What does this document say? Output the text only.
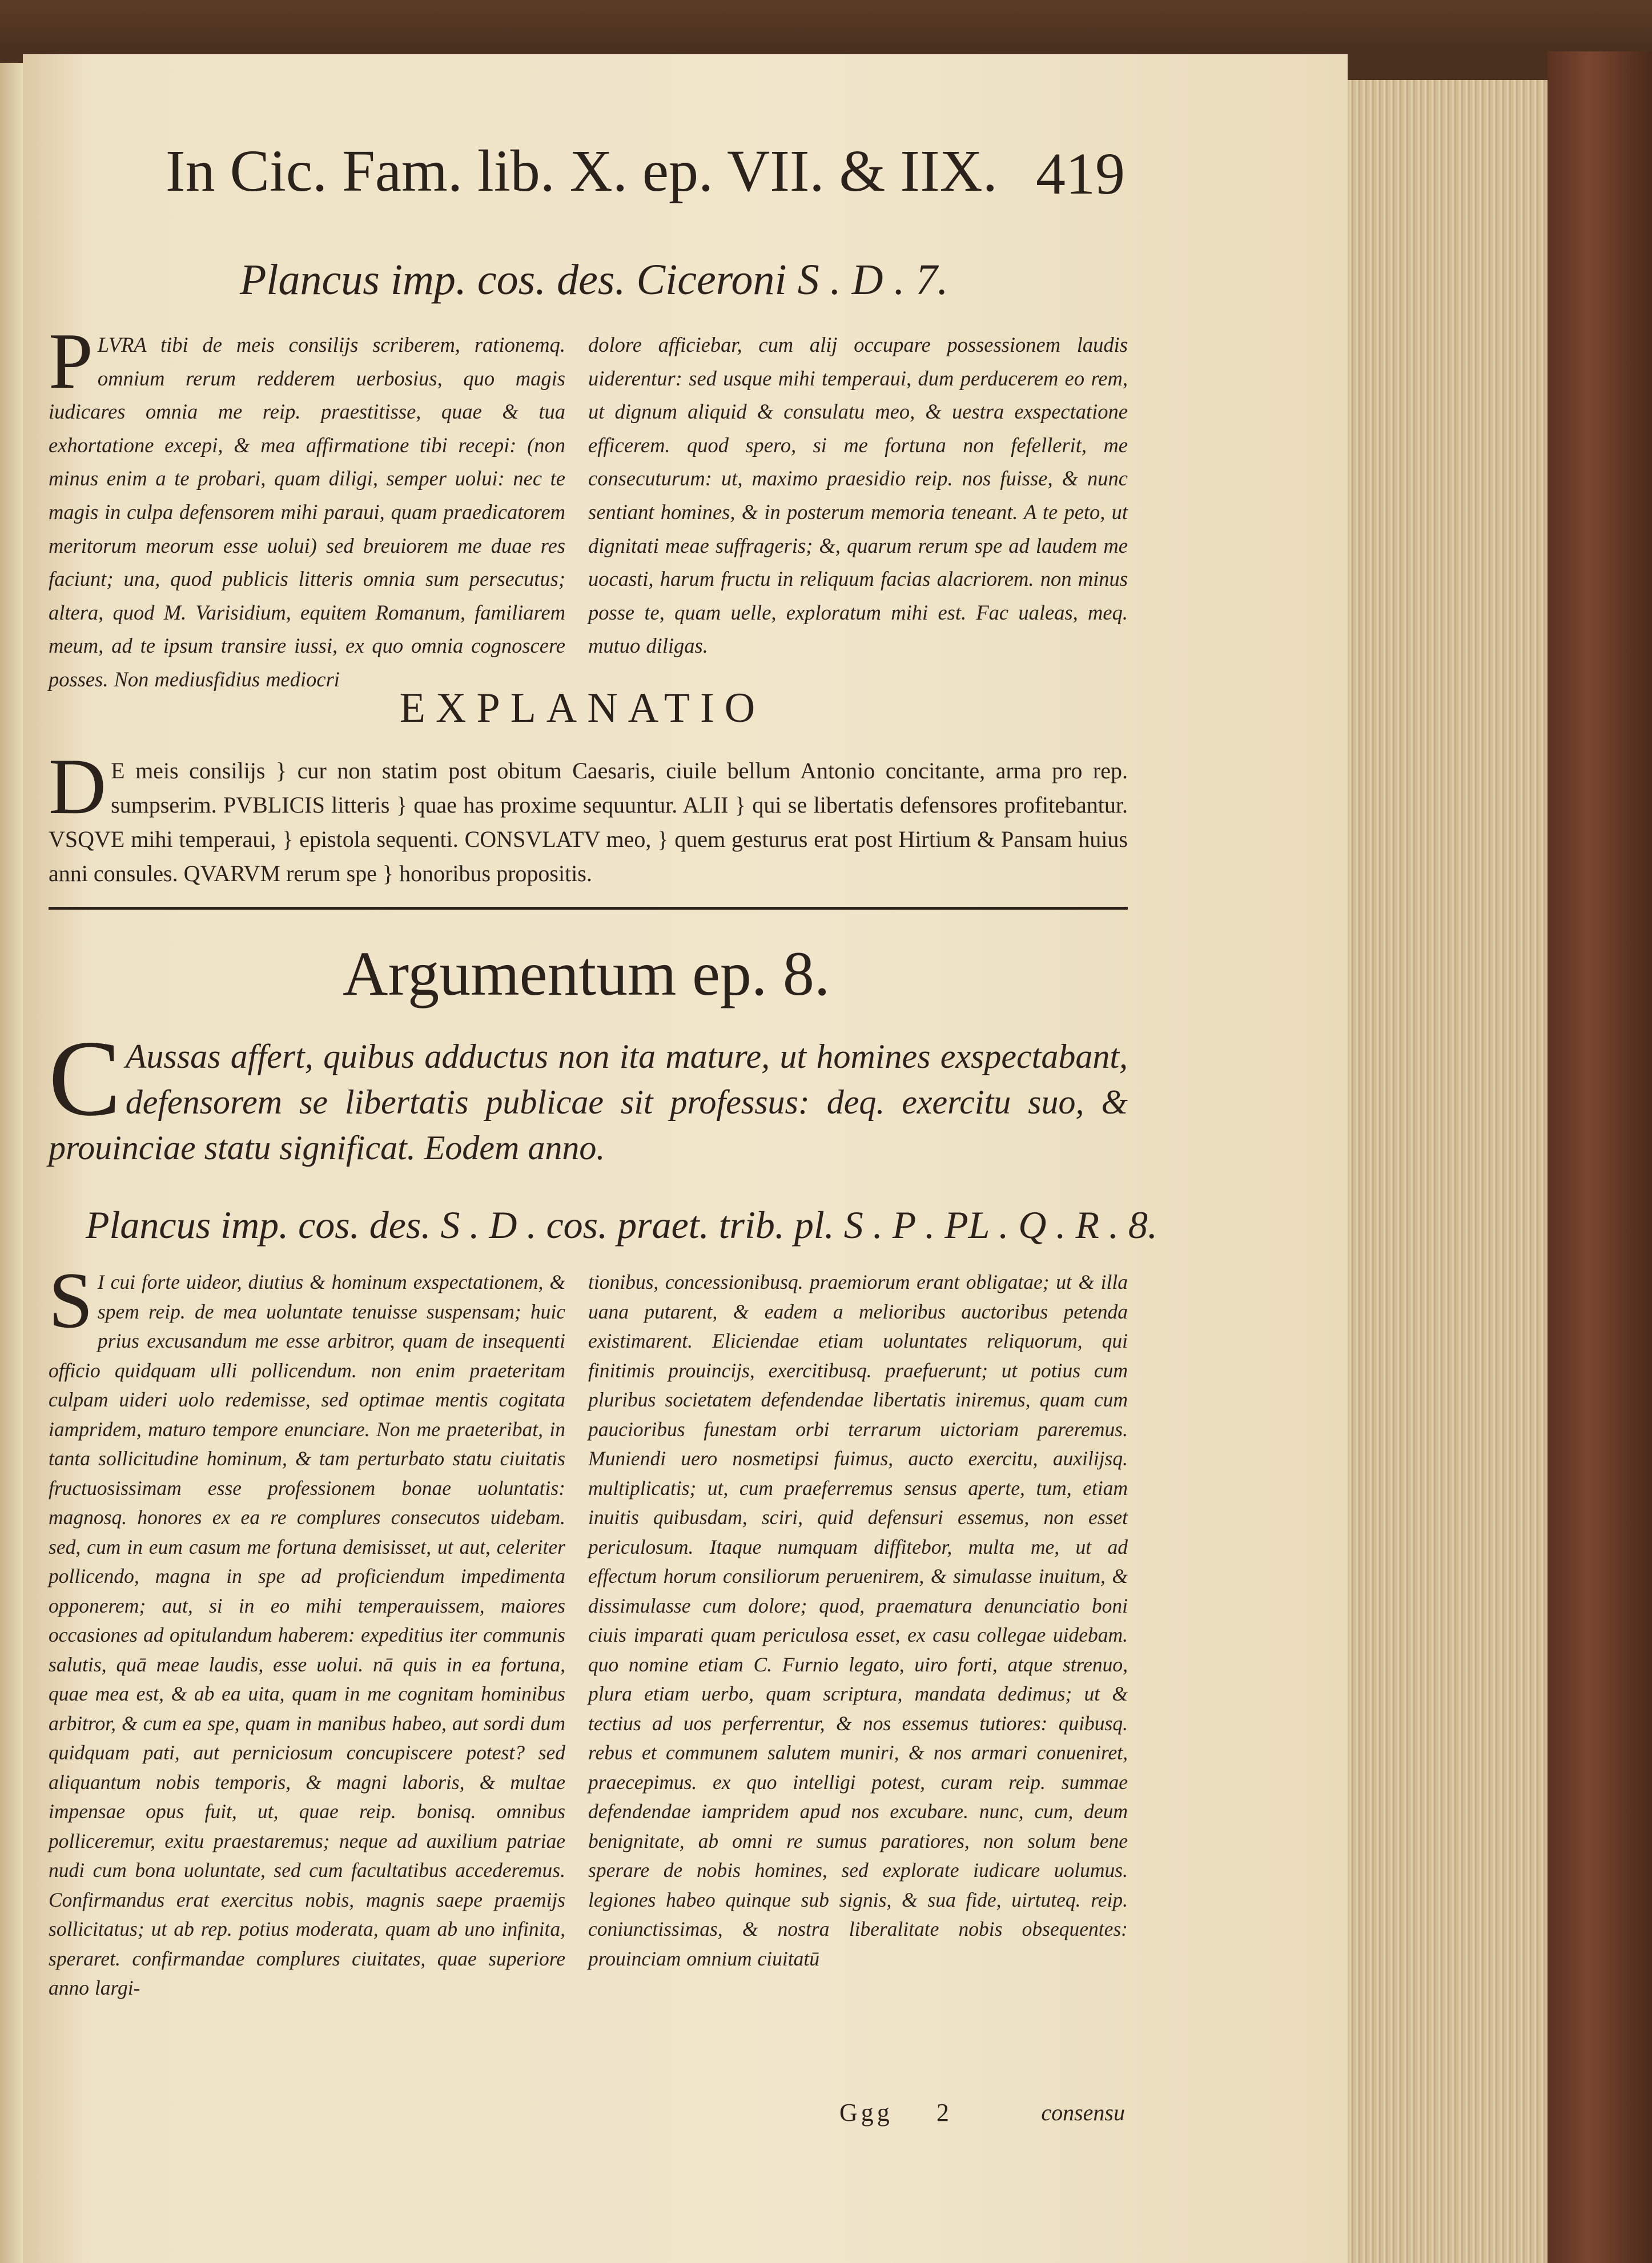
In Cic. Fam. lib. X. ep. VII. & IIX. 419
Plancus imp. cos. des. Ciceroni S . D . 7.
PLVRA tibi de meis consilijs scriberem, rationemq. omnium rerum redderem uerbosius, quo magis iudicares omnia me reip. praestitisse, quae & tua exhortatione excepi, & mea affirmatione tibi recepi: (non minus enim a te probari, quam diligi, semper uolui: nec te magis in culpa defensorem mihi paraui, quam praedicatorem meritorum meorum esse uolui) sed breuiorem me duae res faciunt; una, quod publicis litteris omnia sum persecutus; altera, quod M. Varisidium, equitem Romanum, familiarem meum, ad te ipsum transire iussi, ex quo omnia cognoscere posses. Non mediusfidius mediocri
dolore afficiebar, cum alij occupare possessionem laudis uiderentur: sed usque mihi temperaui, dum perducerem eo rem, ut dignum aliquid & consulatu meo, & uestra exspectatione efficerem. quod spero, si me fortuna non fefellerit, me consecuturum: ut, maximo praesidio reip. nos fuisse, & nunc sentiant homines, & in posterum memoria teneant. A te peto, ut dignitati meae suffrageris; &, quarum rerum spe ad laudem me uocasti, harum fructu in reliquum facias alacriorem. non minus posse te, quam uelle, exploratum mihi est. Fac ualeas, meq. mutuo diligas.
EXPLANATIO
D E meis consilijs } cur non statim post obitum Caesaris, ciuile bellum Antonio concitante, arma pro rep. sumpserim. PVBLICIS litteris } quae has proxime sequuntur. ALII } qui se libertatis defensores profitebantur. VSQVE mihi temperaui, } epistola sequenti. CONSVLATV meo, } quem gesturus erat post Hirtium & Pansam huius anni consules. QVARVM rerum spe } honoribus propositis.
Argumentum ep. 8.
C Aussas affert, quibus adductus non ita mature, ut homines exspectabant, defensorem se libertatis publicae sit professus: deq. exercitu suo, & prouinciae statu significat. Eodem anno.
Plancus imp. cos. des. S . D . cos. praet. trib. pl. S . P . PL . Q . R . 8.
S I cui forte uideor, diutius & hominum exspectationem, & spem reip. de mea uoluntate tenuisse suspensam; huic prius excusandum me esse arbitror, quam de insequenti officio quidquam ulli pollicendum. non enim praeteritam culpam uideri uolo redemisse, sed optimae mentis cogitata iampridem, maturo tempore enunciare. Non me praeteribat, in tanta sollicitudine hominum, & tam perturbato statu ciuitatis fructuosissimam esse professionem bonae uoluntatis: magnosq. honores ex ea re complures consecutos uidebam. sed, cum in eum casum me fortuna demisisset, ut aut, celeriter pollicendo, magna in spe ad proficiendum impedimenta opponerem; aut, si in eo mihi temperauissem, maiores occasiones ad opitulandum haberem: expeditius iter communis salutis, quā meae laudis, esse uolui. nā quis in ea fortuna, quae mea est, & ab ea uita, quam in me cognitam hominibus arbitror, & cum ea spe, quam in manibus habeo, aut sordi dum quidquam pati, aut perniciosum concupiscere potest? sed aliquantum nobis temporis, & magni laboris, & multae impensae opus fuit, ut, quae reip. bonisq. omnibus polliceremur, exitu praestaremus; neque ad auxilium patriae nudi cum bona uoluntate, sed cum facultatibus accederemus. Confirmandus erat exercitus nobis, magnis saepe praemijs sollicitatus; ut ab rep. potius moderata, quam ab uno infinita, speraret. confirmandae complures ciuitates, quae superiore anno largi-
tionibus, concessionibusq. praemiorum erant obligatae; ut & illa uana putarent, & eadem a melioribus auctoribus petenda existimarent. Eliciendae etiam uoluntates reliquorum, qui finitimis prouincijs, exercitibusq. praefuerunt; ut potius cum pluribus societatem defendendae libertatis iniremus, quam cum paucioribus funestam orbi terrarum uictoriam pareremus. Muniendi uero nosmetipsi fuimus, aucto exercitu, auxilijsq. multiplicatis; ut, cum praeferremus sensus aperte, tum, etiam inuitis quibusdam, sciri, quid defensuri essemus, non esset periculosum. Itaque numquam diffitebor, multa me, ut ad effectum horum consiliorum peruenirem, & simulasse inuitum, & dissimulasse cum dolore; quod, praematura denunciatio boni ciuis imparati quam periculosa esset, ex casu collegae uidebam. quo nomine etiam C. Furnio legato, uiro forti, atque strenuo, plura etiam uerbo, quam scriptura, mandata dedimus; ut & tectius ad uos perferrentur, & nos essemus tutiores: quibusq. rebus et communem salutem muniri, & nos armari conueniret, praecepimus. ex quo intelligi potest, curam reip. summae defendendae iampridem apud nos excubare. nunc, cum, deum benignitate, ab omni re sumus paratiores, non solum bene sperare de nobis homines, sed explorate iudicare uolumus. legiones habeo quinque sub signis, & sua fide, uirtuteq. reip. coniunctissimas, & nostra liberalitate nobis obsequentes: prouinciam omnium ciuitatū
Ggg	2	consensu
